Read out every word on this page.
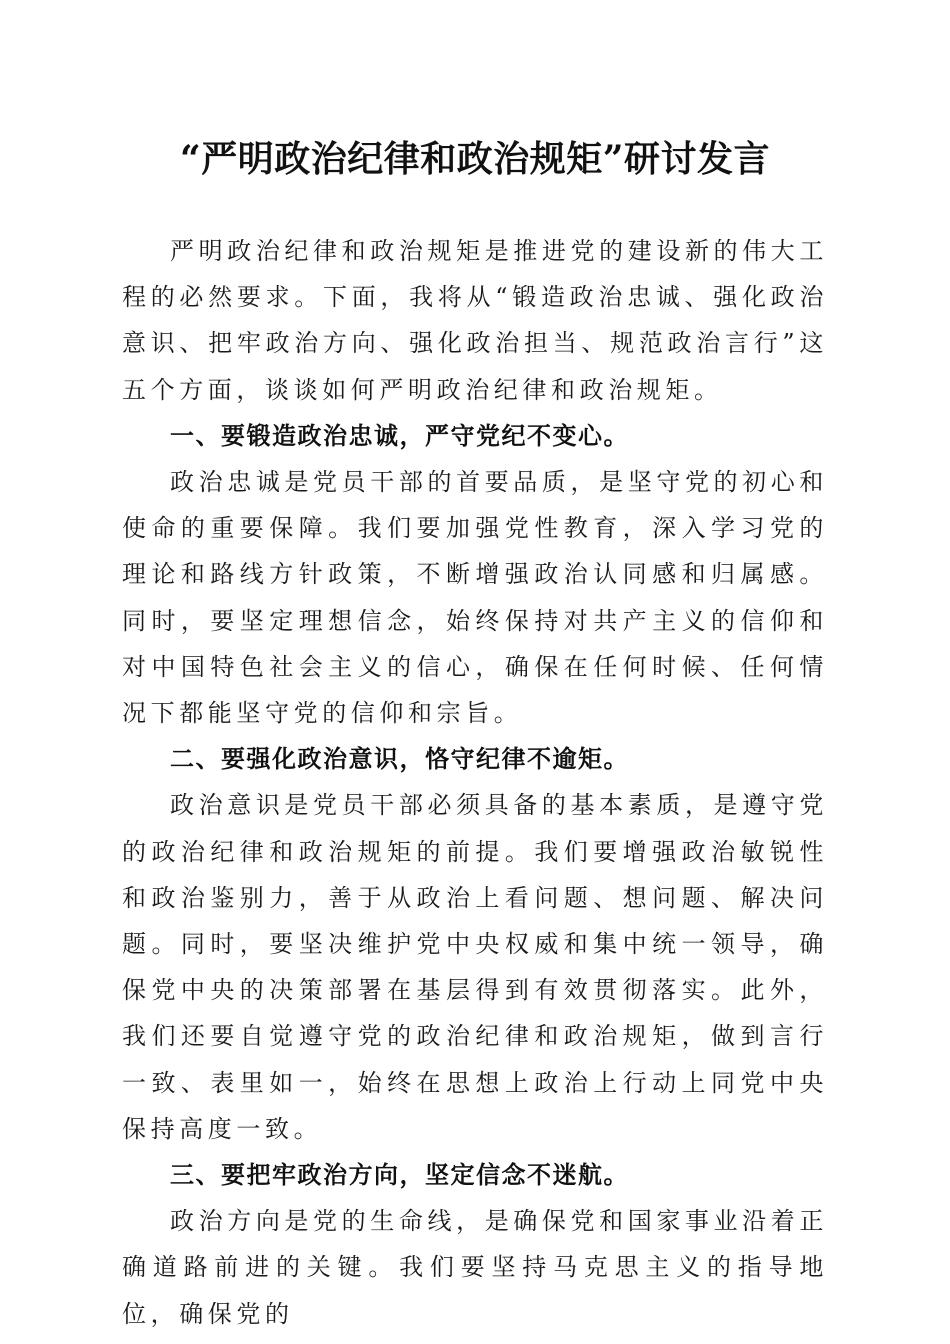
“严明政治纪律和政治规矩”研讨发言

严明政治纪律和政治规矩是推进党的建设新的伟大工程的必然要求。下面，我将从“锻造政治忠诚、强化政治意识、把牢政治方向、强化政治担当、规范政治言行”这五个方面，谈谈如何严明政治纪律和政治规矩。

一、要锻造政治忠诚，严守党纪不变心。

政治忠诚是党员干部的首要品质，是坚守党的初心和使命的重要保障。我们要加强党性教育，深入学习党的理论和路线方针政策，不断增强政治认同感和归属感。同时，要坚定理想信念，始终保持对共产主义的信仰和对中国特色社会主义的信心，确保在任何时候、任何情况下都能坚守党的信仰和宗旨。

二、要强化政治意识，恪守纪律不逾矩。

政治意识是党员干部必须具备的基本素质，是遵守党的政治纪律和政治规矩的前提。我们要增强政治敏锐性和政治鉴别力，善于从政治上看问题、想问题、解决问题。同时，要坚决维护党中央权威和集中统一领导，确保党中央的决策部署在基层得到有效贯彻落实。此外，我们还要自觉遵守党的政治纪律和政治规矩，做到言行一致、表里如一，始终在思想上政治上行动上同党中央保持高度一致。

三、要把牢政治方向，坚定信念不迷航。

政治方向是党的生命线，是确保党和国家事业沿着正确道路前进的关键。我们要坚持马克思主义的指导地位，确保党的
